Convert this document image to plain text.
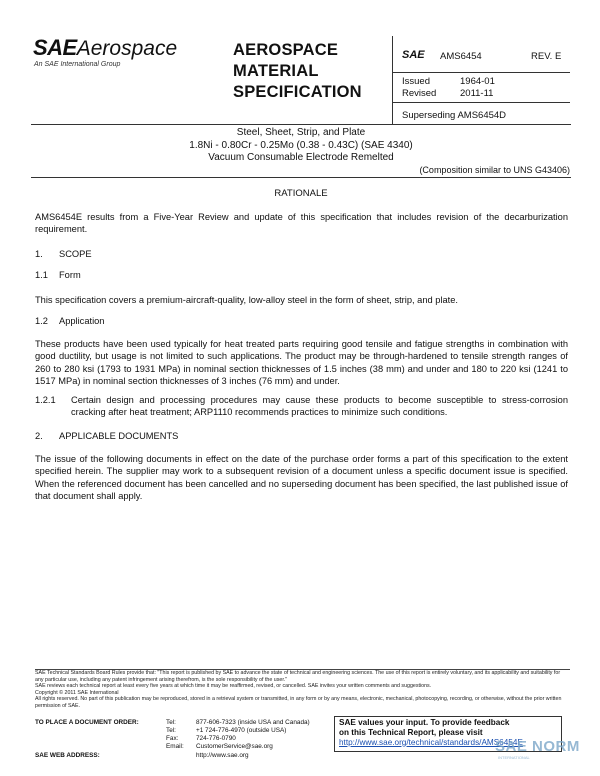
SAEAerospace
An SAE International Group
AEROSPACE
MATERIAL
SPECIFICATION
SAE AMS6454	REV. E
Issued	1964-01
Revised 2011-11
Superseding AMS6454D
Steel, Sheet, Strip, and Plate
1.8Ni - 0.80Cr - 0.25Mo (0.38 - 0.43C) (SAE 4340)
Vacuum Consumable Electrode Remelted
(Composition similar to UNS G43406)
RATIONALE
AMS6454E results from a Five-Year Review and update of this specification that includes revision of the decarburization requirement.
1. SCOPE
1.1 Form
This specification covers a premium-aircraft-quality, low-alloy steel in the form of sheet, strip, and plate.
1.2 Application
These products have been used typically for heat treated parts requiring good tensile and fatigue strengths in combination with good ductility, but usage is not limited to such applications. The product may be through-hardened to tensile strength ranges of 260 to 280 ksi (1793 to 1931 MPa) in nominal section thicknesses of 1.5 inches (38 mm) and under and 180 to 220 ksi (1241 to 1517 MPa) in nominal section thicknesses of 3 inches (76 mm) and under.
1.2.1 Certain design and processing procedures may cause these products to become susceptible to stress-corrosion cracking after heat treatment; ARP1110 recommends practices to minimize such conditions.
2. APPLICABLE DOCUMENTS
The issue of the following documents in effect on the date of the purchase order forms a part of this specification to the extent specified herein. The supplier may work to a subsequent revision of a document unless a specific document issue is specified. When the referenced document has been cancelled and no superseding document has been specified, the last published issue of that document shall apply.
SAE Technical Standards Board Rules provide that: "This report is published by SAE to advance the state of technical and engineering sciences. The use of this report is entirely voluntary, and its applicability and suitability for any particular use, including any patent infringement arising therefrom, is the sole responsibility of the user."
SAE reviews each technical report at least every five years at which time it may be reaffirmed, revised, or cancelled. SAE invites your written comments and suggestions.
Copyright © 2011 SAE International
All rights reserved. No part of this publication may be reproduced, stored in a retrieval system or transmitted, in any form or by any means, electronic, mechanical, photocopying, recording, or otherwise, without the prior written permission of SAE.
TO PLACE A DOCUMENT ORDER:	Tel:	877-606-7323 (inside USA and Canada)
Tel:	+1 724-776-4970 (outside USA)
Fax:	724-776-0790
Email:	CustomerService@sae.org
SAE WEB ADDRESS:	http://www.sae.org
SAE values your input. To provide feedback
on this Technical Report, please visit
http://www.sae.org/technical/standards/AMS6454E
SAE NORM
INTERNATIONAL
